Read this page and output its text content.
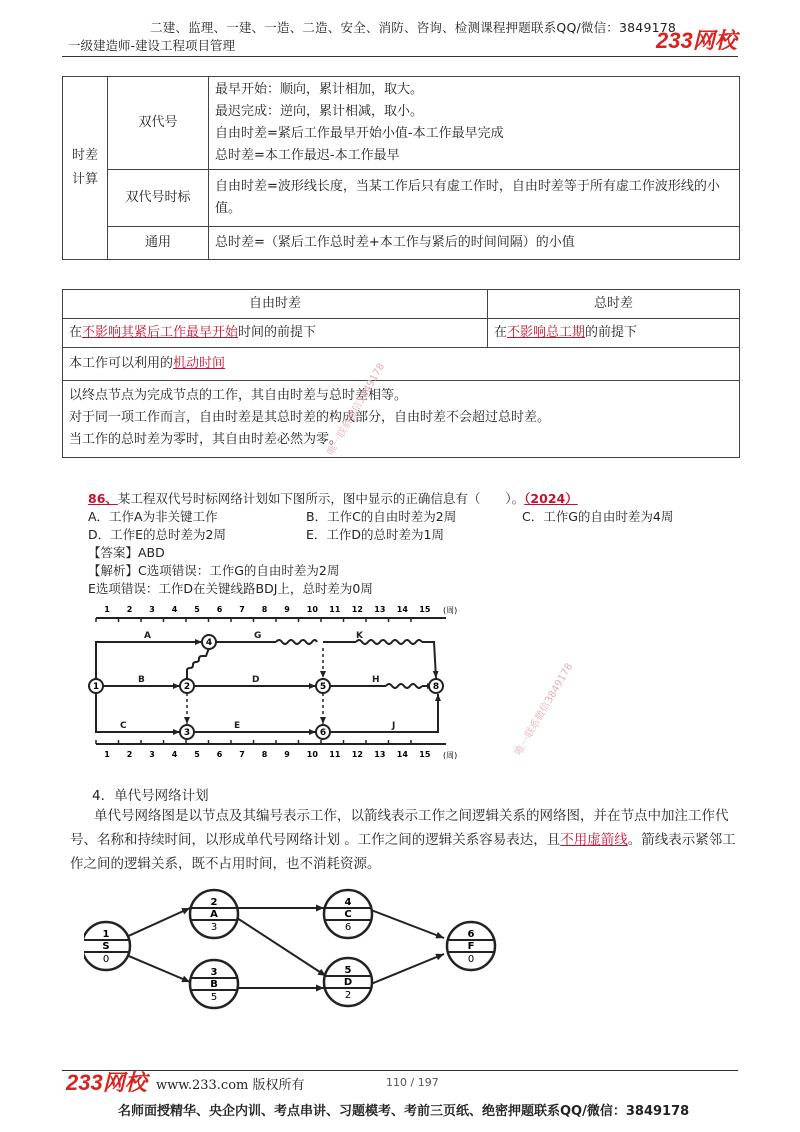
二建、监理、一建、一造、二造、安全、消防、咨询、检测课程押题联系QQ/微信：3849178
一级建造师-建设工程项目管理	233网校
时差计算	双代号	最早开始：顺向，累计相加，取大。
最迟完成：逆向，累计相减，取小。
自由时差=紧后工作最早开始小值-本工作最早完成
总时差=本工作最迟-本工作最早

	双代号时标	自由时差=波形线长度，当某工作后只有虚工作时，自由时差等于所有虚工作波形线的小值。

	通用	总时差=（紧后工作总时差+本工作与紧后的时间间隔）的小值
自由时差	总时差
在不影响其紧后工作最早开始时间的前提下	在不影响总工期的前提下
本工作可以利用的机动时间	

以终点节点为完成节点的工作，其自由时差与总时差相等。
对于同一项工作而言，自由时差是其总时差的构成部分，自由时差不会超过总时差。
当工作的总时差为零时，其自由时差必然为零。	
86、某工程双代号时标网络计划如下图所示，图中显示的正确信息有（　　）。（2024）
A．工作A为非关键工作	B．工作C的自由时差为2周	C．工作G的自由时差为4周
D．工作E的总时差为2周	E．工作D的总时差为1周
【答案】ABD
【解析】C选项错误：工作G的自由时差为2周
E选项错误：工作D在关键线路BDJ上，总时差为0周
1 2 3 4 5 6 7 8 9 10 11 12 13 14 15 (周)
1 2 3 4 5 6 7 8 9 10 11 12 13 14 15 (周)
1	2
3
4
5
6
8
A	G	K
B	D	H
C	E	J
唯一联系微信3849178
唯一联系微信3849178
4．单代号网络计划
单代号网络图是以节点及其编号表示工作，以箭线表示工作之间逻辑关系的网络图，并在节点中加注工作代号、名称和持续时间，以形成单代号网络计划 。工作之间的逻辑关系容易表达，且不用虚箭线。箭线表示紧邻工作之间的逻辑关系，既不占用时间，也不消耗资源。
1
S
0
2
A
3
3
B
5
4
C
6
5
D
2
6
F
0
233网校 www.233.com 版权所有	110 / 197
名师面授精华、央企内训、考点串讲、习题模考、考前三页纸、绝密押题联系QQ/微信：3849178
